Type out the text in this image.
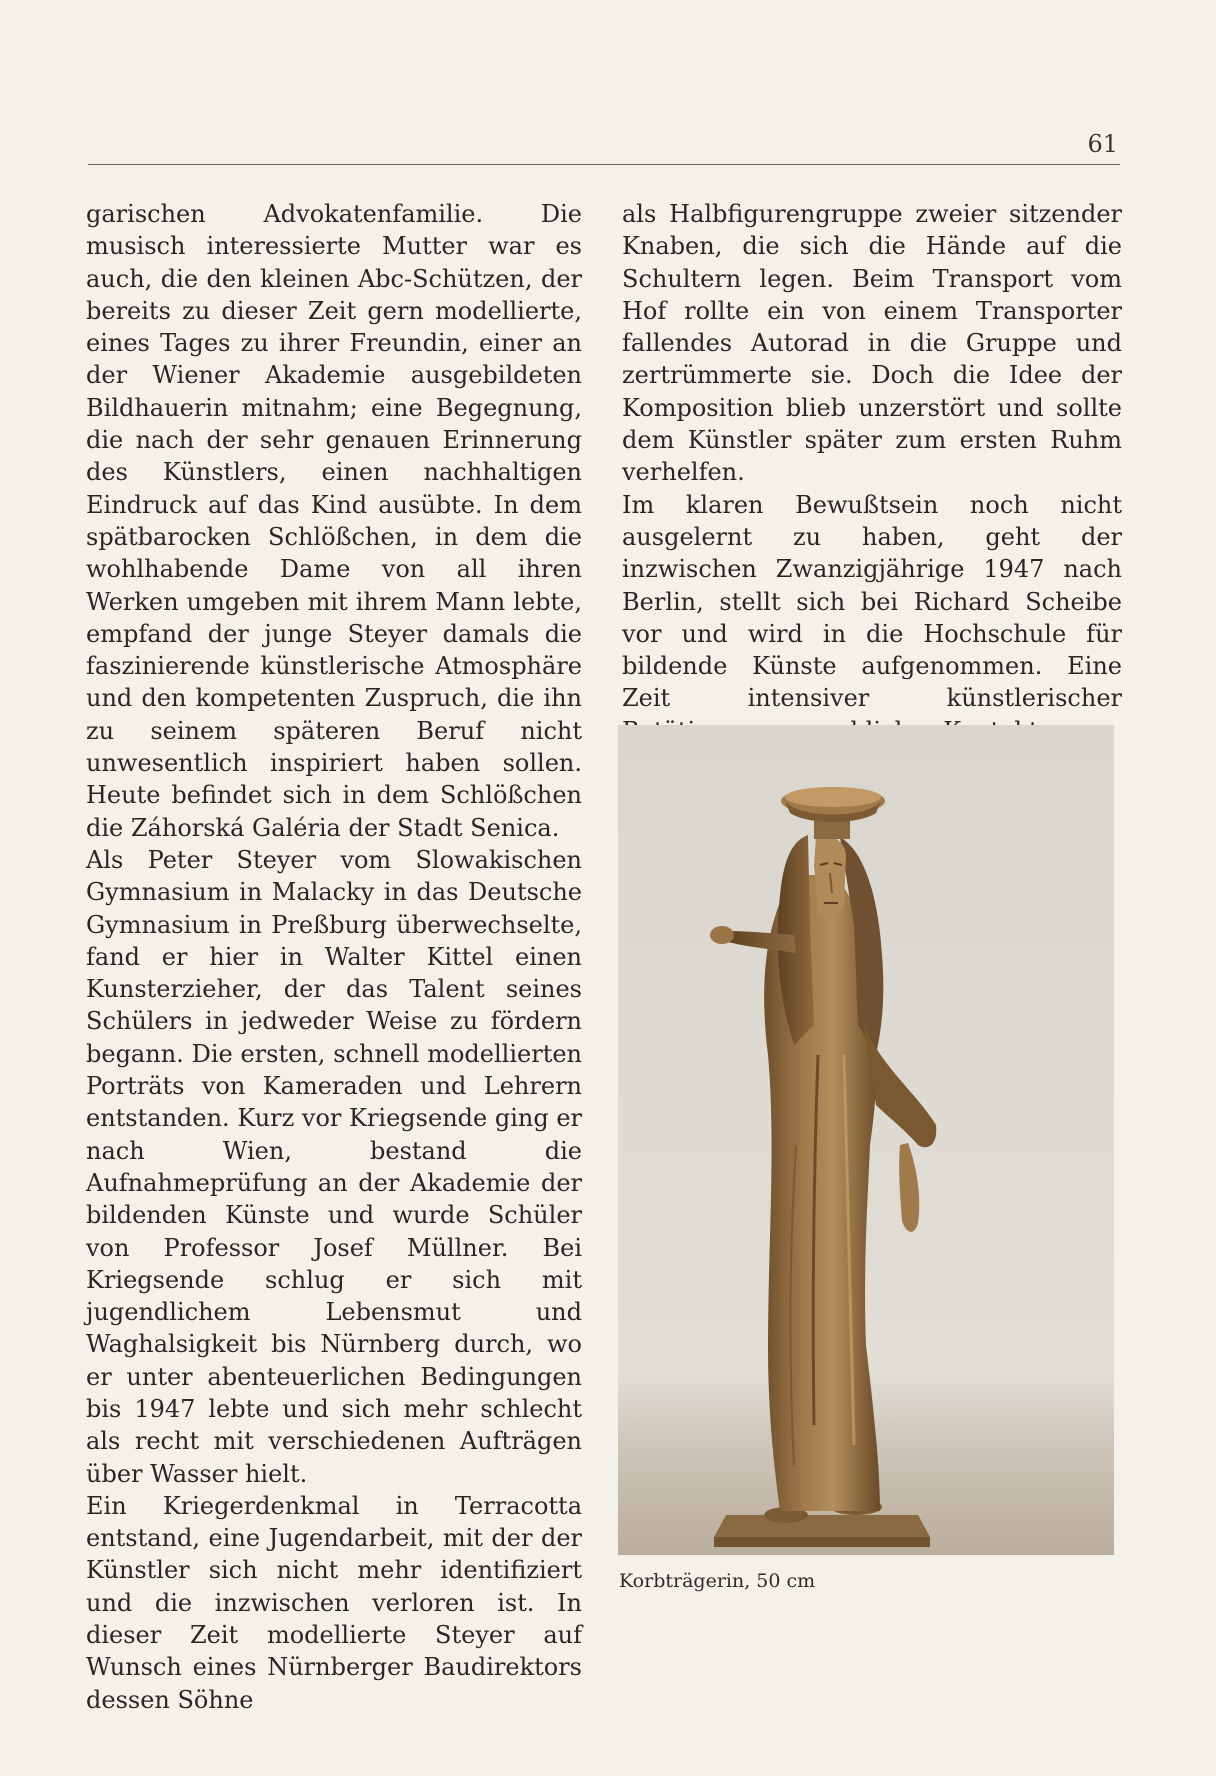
61

garischen Advokatenfamilie. Die musisch interessierte Mutter war es auch, die den kleinen Abc-Schützen, der bereits zu dieser Zeit gern modellierte, eines Tages zu ihrer Freundin, einer an der Wiener Akademie ausgebildeten Bildhauerin mitnahm; eine Begegnung, die nach der sehr genauen Erinnerung des Künstlers, einen nachhaltigen Eindruck auf das Kind ausübte. In dem spätbarocken Schlößchen, in dem die wohlhabende Dame von all ihren Werken umgeben mit ihrem Mann lebte, empfand der junge Steyer damals die faszinierende künstlerische Atmosphäre und den kompetenten Zuspruch, die ihn zu seinem späteren Beruf nicht unwesentlich inspiriert haben sollen. Heute befindet sich in dem Schlößchen die Záhorská Galéria der Stadt Senica.

Als Peter Steyer vom Slowakischen Gymnasium in Malacky in das Deutsche Gymnasium in Preßburg überwechselte, fand er hier in Walter Kittel einen Kunsterzieher, der das Talent seines Schülers in jedweder Weise zu fördern begann. Die ersten, schnell modellierten Porträts von Kameraden und Lehrern entstanden. Kurz vor Kriegsende ging er nach Wien, bestand die Aufnahmeprüfung an der Akademie der bildenden Künste und wurde Schüler von Professor Josef Müllner. Bei Kriegsende schlug er sich mit jugendlichem Lebensmut und Waghalsigkeit bis Nürnberg durch, wo er unter abenteuerlichen Bedingungen bis 1947 lebte und sich mehr schlecht als recht mit verschiedenen Aufträgen über Wasser hielt.

Ein Kriegerdenkmal in Terracotta entstand, eine Jugendarbeit, mit der der Künstler sich nicht mehr identifiziert und die inzwischen verloren ist. In dieser Zeit modellierte Steyer auf Wunsch eines Nürnberger Baudirektors dessen Söhne

als Halbfigurengruppe zweier sitzender Knaben, die sich die Hände auf die Schultern legen. Beim Transport vom Hof rollte ein von einem Transporter fallendes Autorad in die Gruppe und zertrümmerte sie. Doch die Idee der Komposition blieb unzerstört und sollte dem Künstler später zum ersten Ruhm verhelfen.

Im klaren Bewußtsein noch nicht ausgelernt zu haben, geht der inzwischen Zwanzigjährige 1947 nach Berlin, stellt sich bei Richard Scheibe vor und wird in die Hochschule für bildende Künste aufgenommen. Eine Zeit intensiver künstlerischer

Korbträgerin, 50 cm
